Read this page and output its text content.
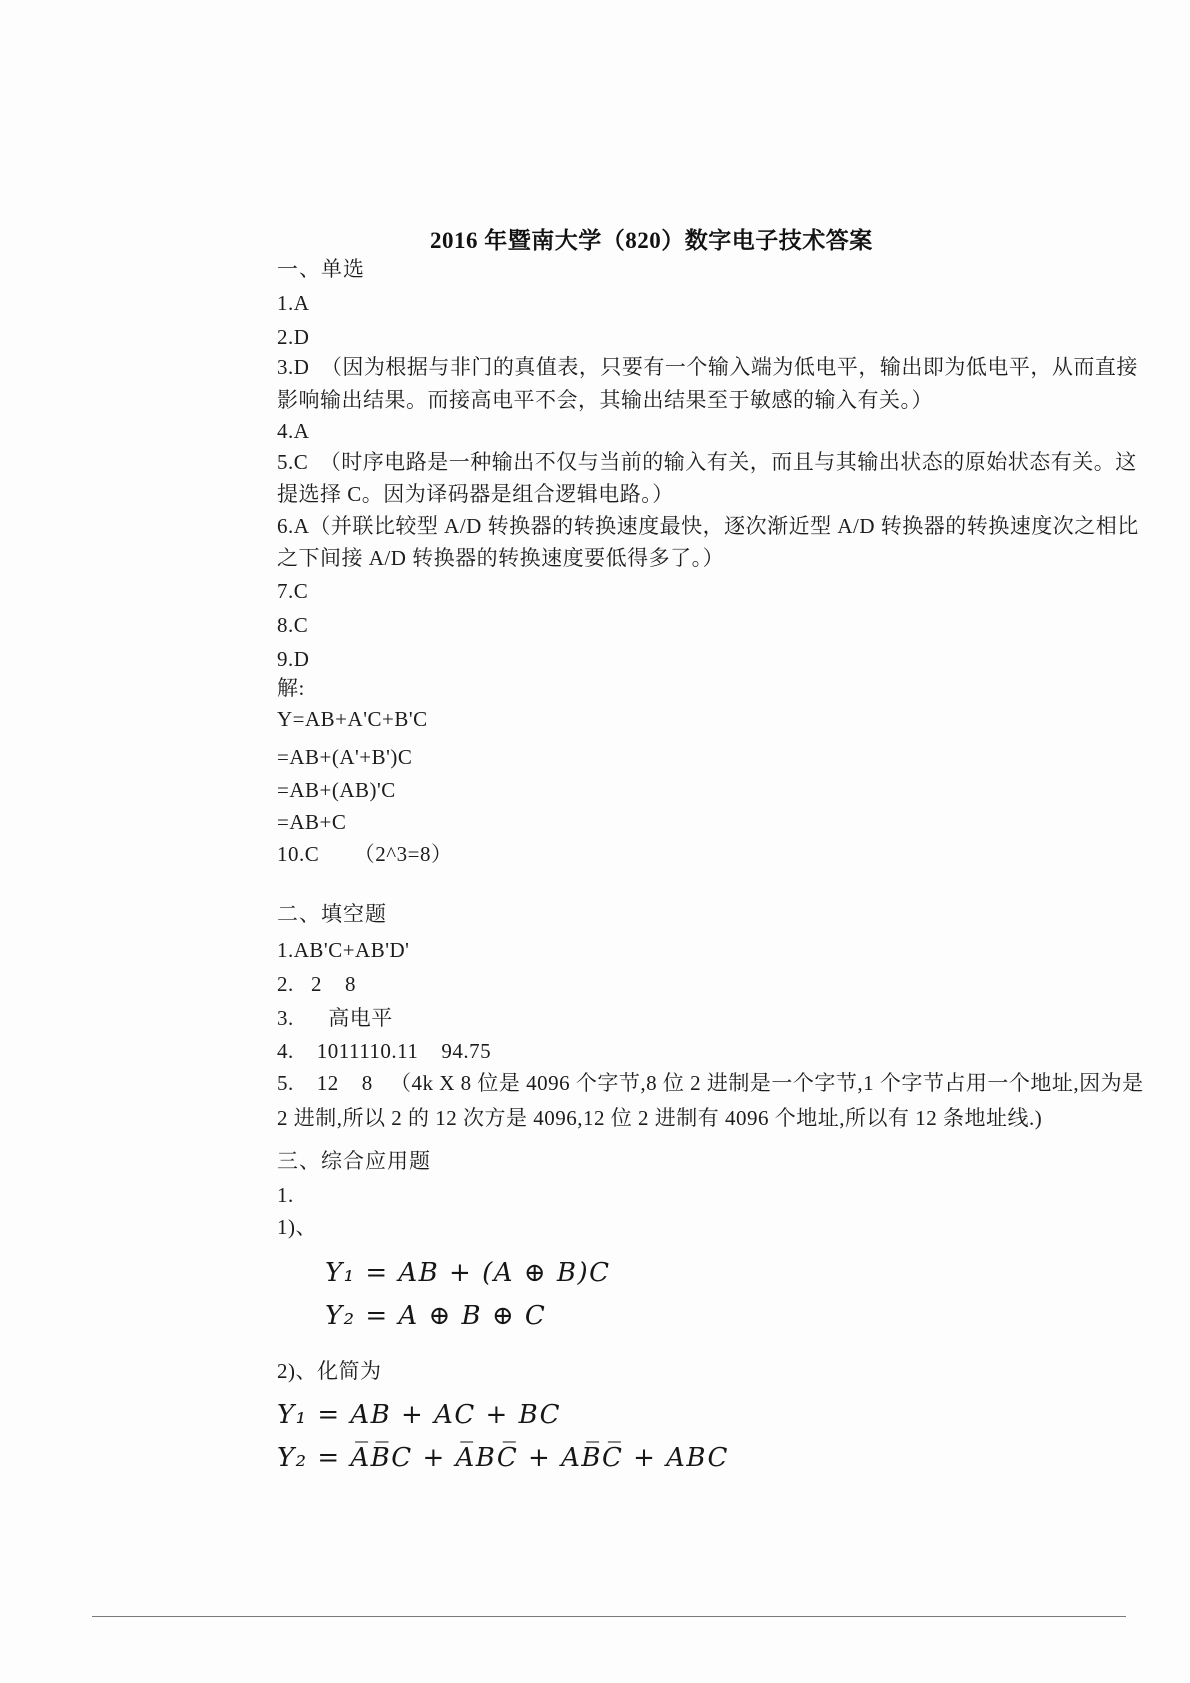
2016 年暨南大学（820）数字电子技术答案
一、单选
1.A
2.D
3.D  （因为根据与非门的真值表，只要有一个输入端为低电平，输出即为低电平，从而直接
影响输出结果。而接高电平不会，其输出结果至于敏感的输入有关。）
4.A
5.C  （时序电路是一种输出不仅与当前的输入有关，而且与其输出状态的原始状态有关。这
提选择 C。因为译码器是组合逻辑电路。）
6.A（并联比较型 A/D 转换器的转换速度最快，逐次渐近型 A/D 转换器的转换速度次之相比
之下间接 A/D 转换器的转换速度要低得多了。）
7.C
8.C
9.D
解:
Y=AB+A'C+B'C
=AB+(A'+B')C
=AB+(AB)'C
=AB+C
10.C      （2^3=8）
二、填空题
1.AB'C+AB'D'
2.   2    8
3.      高电平
4.    1011110.11    94.75
5.    12    8   （4k X 8 位是 4096 个字节,8 位 2 进制是一个字节,1 个字节占用一个地址,因为是
2 进制,所以 2 的 12 次方是 4096,12 位 2 进制有 4096 个地址,所以有 12 条地址线.)
三、综合应用题
1.
1)、
Y₁ = AB + (A ⊕ B)C
Y₂ = A ⊕ B ⊕ C
2)、化简为
Y₁ = AB + AC + BC
Y₂ = A̅B̅C + A̅BC̅ + AB̅C̅ + ABC
